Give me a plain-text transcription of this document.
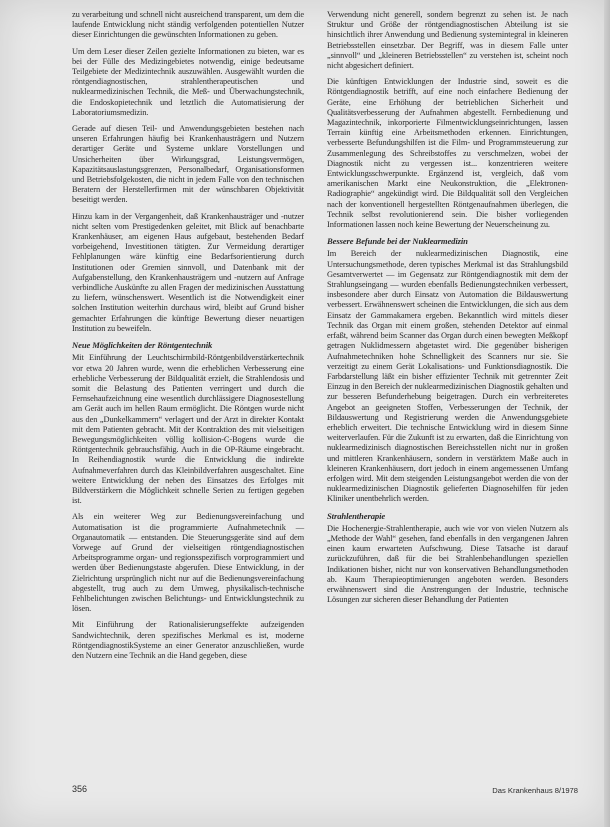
zu verarbeitung und schnell nicht ausreichend transparent, um dem die laufende Entwicklung nicht ständig verfolgenden potentiellen Nutzer dieser Einrichtungen die gewünschten Informationen zu geben.

Um dem Leser dieser Zeilen gezielte Informationen zu bieten, war es bei der Fülle des Medizingebietes notwendig, einige bedeutsame Teilgebiete der Medizintechnik auszuwählen. Ausgewählt wurden die röntgendiagnostischen, strahlentherapeutischen und nuklearmedizinischen Technik, die Meß- und Überwachungstechnik, die Endoskopietechnik und letztlich die Automatisierung der Laboratoriumsmedizin.

Gerade auf diesen Teil- und Anwendungsgebieten bestehen nach unseren Erfahrungen häufig bei Krankenhausträgern und Nutzern derartiger Geräte und Systeme unklare Vorstellungen und Unsicherheiten über Wirkungsgrad, Leistungsvermögen, Kapazitätsauslastungsgrenzen, Personalbedarf, Organisationsformen und Betriebsfolgekosten, die nicht in jedem Falle von den technischen Beratern der Herstellerfirmen mit der wünschbaren Objektivität beseitigt werden.

Hinzu kam in der Vergangenheit, daß Krankenhausträger und -nutzer nicht selten vom Prestigedenken geleitet, mit Blick auf benachbarte Krankenhäuser, am eigenen Haus aufgebaut, bestehenden Bedarf vorbeigehend, Investitionen tätigten. Zur Vermeidung derartiger Fehlplanungen wäre künftig eine Bedarfsorientierung durch Institutionen oder Gremien sinnvoll, und Datenbank mit der Aufgabenstellung, den Krankenhausträgern und -nutzern auf Anfrage verbindliche Auskünfte zu allen Fragen der medizinischen Ausstattung zu liefern, wünschenswert. Wesentlich ist die Notwendigkeit einer solchen Institution weiterhin durchaus wird, bleibt auf Grund bisher gemachter Erfahrungen die künftige Bewertung dieser neuartigen Institution zu beweifeln.

Neue Möglichkeiten der Röntgentechnik

Mit Einführung der Leuchtschirmbild-Röntgenbildverstärkertechnik vor etwa 20 Jahren wurde, wenn die erheblichen Verbesserung eine erhebliche Verbesserung der Bildqualität erzielt, die Strahlendosis und somit die Belastung des Patienten verringert und durch die Fernsehaufzeichnung eine wesentlich durchlässigere Diagnosestellung am Gerät auch im hellen Raum ermöglicht. Die Röntgen wurde nicht aus den „Dunkelkammern“ verlagert und der Arzt in direkter Kontakt mit dem Patienten gebracht. Mit der Kontraktion des mit vielseitigen Bewegungsmöglichkeiten völlig kollision-C-Bogens wurde die Röntgentechnik gebrauchsfähig. Auch in die OP-Räume eingebracht. In Reihendiagnostik wurde die Entwicklung die indirekte Aufnahmeverfahren durch das Kleinbildverfahren ausgeschaltet. Eine weitere Entwicklung der neben des Einsatzes des Erfolges mit Bildverstärkern die Möglichkeit schnelle Serien zu fertigen gegeben ist.

Als ein weiterer Weg zur Bedienungsvereinfachung und Automatisation ist die programmierte Aufnahmetechnik — Organautomatik — entstanden. Die Steuerungsgeräte sind auf dem Vorwege auf Grund der vielseitigen röntgendiagnostischen Arbeitsprogramme organ- und regionsspezifisch vorprogrammiert und werden über Bedienungstaste abgerufen. Diese Entwicklung, in der Zielrichtung ursprünglich nicht nur auf die Bedienungsvereinfachung abgestellt, trug auch zu dem Umweg, physikalisch-technische Fehlbelichtungen zwischen Belichtungs- und Entwicklungstechnik zu lösen.

Mit Einführung der Rationalisierungseffekte aufzeigenden Sandwichtechnik, deren spezifisches Merkmal es ist, moderne RöntgendiagnostikSysteme an einer Generator anzuschließen, wurde den Nutzern eine Technik an die Hand gegeben, diese

Verwendung nicht generell, sondern begrenzt zu sehen ist. Je nach Struktur und Größe der röntgendiagnostischen Abteilung ist sie hinsichtlich ihrer Anwendung und Bedienung systemintegral in kleineren Betriebsstellen einsetzbar. Der Begriff, was in diesem Falle unter „sinnvoll“ und „kleineren Betriebsstellen“ zu verstehen ist, scheint noch nicht abgesichert definiert.

Die künftigen Entwicklungen der Industrie sind, soweit es die Röntgendiagnostik betrifft, auf eine noch einfachere Bedienung der Geräte, eine Erhöhung der betrieblichen Sicherheit und Qualitätsverbesserung der Aufnahmen abgestellt. Fernbedienung und Magazintechnik, inkorporierte Filmentwicklungseinrichtungen, lassen Terrain künftig eine Arbeitsmethoden erkennen. Einrichtungen, verbesserte Befundungshilfen ist die Film- und Programmsteuerung zur Zusammenlegung des Schreibstoffes zu verschmelzen, wobei der Diagnostik nicht zu vergessen ist... konzentrieren weitere Entwicklungsschwerpunkte. Ergänzend ist, vergleich, daß vom amerikanischen Markt eine Neukonstruktion, die „Elektronen-Radiographie“ angekündigt wird. Die Bildqualität soll den Vergleichen nach der konventionell hergestellten Röntgenaufnahmen überlegen, die Technik selbst revolutionierend sein. Die bisher vorliegenden Informationen lassen noch keine Bewertung der Neuerscheinung zu.

Bessere Befunde bei der Nuklearmedizin

Im Bereich der nuklearmedizinischen Diagnostik, eine Untersuchungsmethode, deren typisches Merkmal ist das Strahlungsbild Gesamtverwertet — im Gegensatz zur Röntgendiagnostik mit dem der Strahlungseingang — wurden ebenfalls Bedienungstechniken verbessert, insbesondere aber durch Einsatz von Automation die Bildauswertung verbessert. Erwähnenswert scheinen die Entwicklungen, die sich aus dem Einsatz der Gammakamera ergeben. Bekanntlich wird mittels dieser Technik das Organ mit einem großen, stehenden Detektor auf einmal erfaßt, während beim Scanner das Organ durch einen bewegten Meßkopf getragen Nuklidmessern abgetastet wird. Die gegenüber bisherigen Aufnahmetechniken hohe Schnelligkeit des Scanners nur sie. Sie verzeitigt zu einem Gerät Lokalisations- und Funktionsdiagnostik. Die Farbdarstellung läßt ein bisher effizienter Technik mit getrennter Zeit Einzug in den Bereich der nuklearmedizinischen Diagnostik gehalten und zur besseren Befunderhebung beigetragen. Durch ein verbreiteretes Angebot an geeigneten Stoffen, Verbesserungen der Technik, der Bildauswertung und Registrierung werden die Anwendungsgebiete erheblich erweitert. Die technische Entwicklung wird in diesem Sinne weiterverlaufen. Für die Zukunft ist zu erwarten, daß die Einrichtung von nuklearmedizinisch diagnostischen Bereichsstellen nicht nur in großen und mittleren Krankenhäusern, sondern in verstärktem Maße auch in kleineren Krankenhäusern, dort jedoch in einem angemessenen Umfang erfolgen wird. Mit dem steigenden Leistungsangebot werden die von der nuklearmedizinischen Diagnostik gelieferten Diagnosehilfen für jeden Kliniker unentbehrlich werden.

Strahlentherapie

Die Hochenergie-Strahlentherapie, auch wie vor von vielen Nutzern als „Methode der Wahl“ gesehen, fand ebenfalls in den vergangenen Jahren einen kaum erwarteten Aufschwung. Diese Tatsache ist darauf zurückzuführen, daß für die bei Strahlenbehandlungen speziellen Indikationen bisher, nicht nur von konservativen Behandlungsmethoden ab. Kaum Therapieoptimierungen angeboten werden. Besonders erwähnenswert sind die Anstrengungen der Industrie, technische Lösungen zur sicheren dieser Behandlung der Patienten

356	Das Krankenhaus 8/1978
